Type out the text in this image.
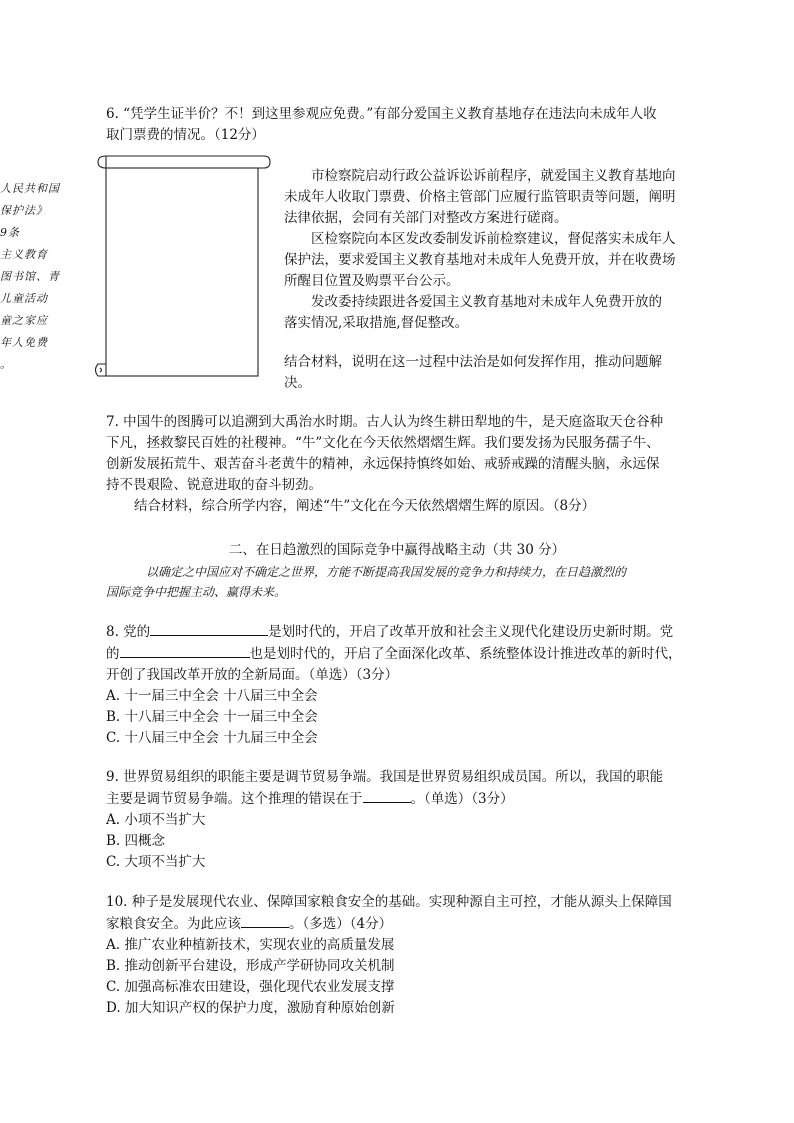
人民共和国
保护法》
9条
主义教育
图书馆、青
儿童活动
童之家应
年人免费
。
6. “凭学生证半价？不！到这里参观应免费。”有部分爱国主义教育基地存在违法向未成年人收
取门票费的情况。（12分）
市检察院启动行政公益诉讼诉前程序，就爱国主义教育基地向
未成年人收取门票费、价格主管部门应履行监管职责等问题，阐明
法律依据，会同有关部门对整改方案进行磋商。
区检察院向本区发改委制发诉前检察建议，督促落实未成年人
保护法，要求爱国主义教育基地对未成年人免费开放，并在收费场
所醒目位置及购票平台公示。
发改委持续跟进各爱国主义教育基地对未成年人免费开放的
落实情况,采取措施,督促整改。
结合材料，说明在这一过程中法治是如何发挥作用，推动问题解
决。
7. 中国牛的图腾可以追溯到大禹治水时期。古人认为终生耕田犁地的牛，是天庭盗取天仓谷种
下凡，拯救黎民百姓的社稷神。“牛”文化在今天依然熠熠生辉。我们要发扬为民服务孺子牛、
创新发展拓荒牛、艰苦奋斗老黄牛的精神，永远保持慎终如始、戒骄戒躁的清醒头脑，永远保
持不畏艰险、锐意进取的奋斗韧劲。
结合材料，综合所学内容，阐述“牛”文化在今天依然熠熠生辉的原因。（8分）
二、在日趋激烈的国际竞争中赢得战略主动（共 30 分）
以确定之中国应对不确定之世界，方能不断提高我国发展的竞争力和持续力，在日趋激烈的
国际竞争中把握主动、赢得未来。
8. 党的	是划时代的，开启了改革开放和社会主义现代化建设历史新时期。党
的	也是划时代的，开启了全面深化改革、系统整体设计推进改革的新时代，
开创了我国改革开放的全新局面。（单选）（3分）
A. 十一届三中全会 十八届三中全会
B. 十八届三中全会 十一届三中全会
C. 十八届三中全会 十九届三中全会
9. 世界贸易组织的职能主要是调节贸易争端。我国是世界贸易组织成员国。所以，我国的职能
主要是调节贸易争端。这个推理的错误在于	。（单选）（3分）
A. 小项不当扩大
B. 四概念
C. 大项不当扩大
10. 种子是发展现代农业、保障国家粮食安全的基础。实现种源自主可控，才能从源头上保障国
家粮食安全。为此应该	。（多选）（4分）
A. 推广农业种植新技术，实现农业的高质量发展
B. 推动创新平台建设，形成产学研协同攻关机制
C. 加强高标准农田建设，强化现代农业发展支撑
D. 加大知识产权的保护力度，激励育种原始创新
